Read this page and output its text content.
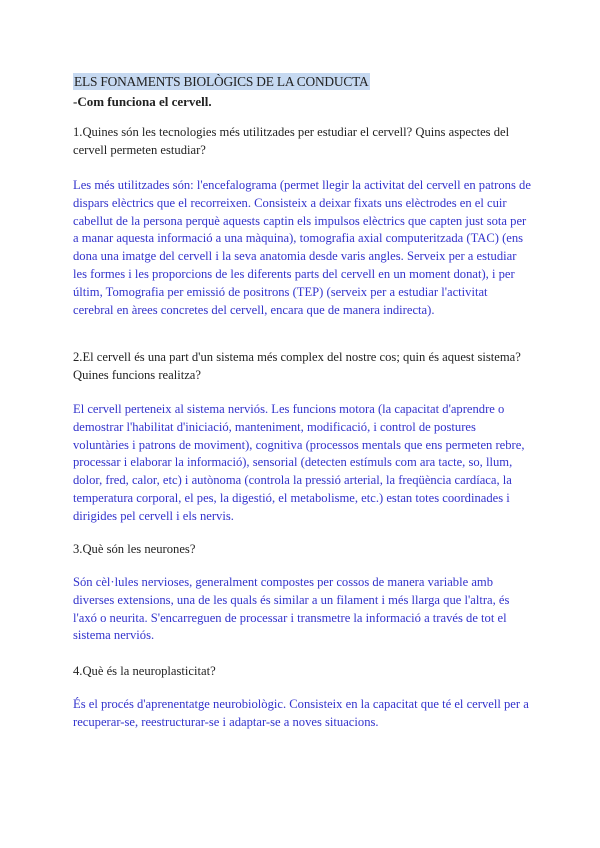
ELS FONAMENTS BIOLÒGICS DE LA CONDUCTA
-Com funciona el cervell.

1.Quines són les tecnologies més utilitzades per estudiar el cervell? Quins aspectes del cervell permeten estudiar?

Les més utilitzades són: l'encefalograma (permet llegir la activitat del cervell en patrons de dispars elèctrics que el recorreixen. Consisteix a deixar fixats uns elèctrodes en el cuir cabellut de la persona perquè aquests captin els impulsos elèctrics que capten just sota per a manar aquesta informació a una màquina), tomografia axial computeritzada (TAC) (ens dona una imatge del cervell i la seva anatomia desde varis angles. Serveix per a estudiar les formes i les proporcions de les diferents parts del cervell en un moment donat), i per últim, Tomografia per emissió de positrons (TEP) (serveix per a estudiar l'activitat cerebral en àrees concretes del cervell, encara que de manera indirecta).

2.El cervell és una part d'un sistema més complex del nostre cos; quin és aquest sistema? Quines funcions realitza?

El cervell perteneix al sistema nerviós. Les funcions motora (la capacitat d'aprendre o demostrar l'habilitat d'iniciació, manteniment, modificació, i control de postures voluntàries i patrons de moviment), cognitiva (processos mentals que ens permeten rebre, processar i elaborar la informació), sensorial (detecten estímuls com ara tacte, so, llum, dolor, fred, calor, etc) i autònoma (controla la pressió arterial, la freqüència cardíaca, la temperatura corporal, el pes, la digestió, el metabolisme, etc.) estan totes coordinades i dirigides pel cervell i els nervis.

3.Què són les neurones?

Són cèl·lules nervioses, generalment compostes per cossos de manera variable amb diverses extensions, una de les quals és similar a un filament i més llarga que l'altra, és l'axó o neurita. S'encarreguen de processar i transmetre la informació a través de tot el sistema nerviós.

4.Què és la neuroplasticitat?

És el procés d'aprenentatge neurobiològic. Consisteix en la capacitat que té el cervell per a recuperar-se, reestructurar-se i adaptar-se a noves situacions.
